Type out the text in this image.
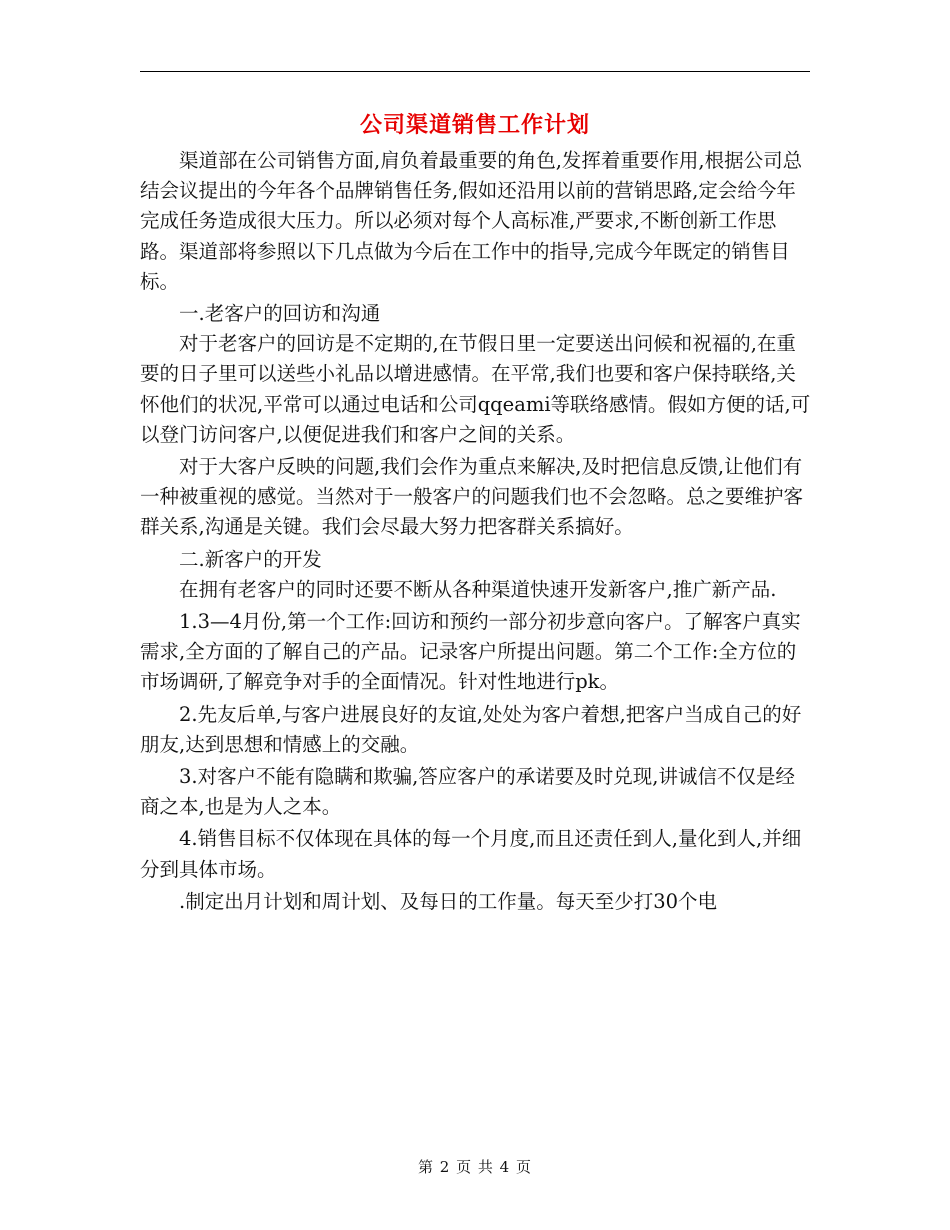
公司渠道销售工作计划

渠道部在公司销售方面,肩负着最重要的角色,发挥着重要作用,根据公司总结会议提出的今年各个品牌销售任务,假如还沿用以前的营销思路,定会给今年完成任务造成很大压力。所以必须对每个人高标准,严要求,不断创新工作思路。渠道部将参照以下几点做为今后在工作中的指导,完成今年既定的销售目标。

一.老客户的回访和沟通

对于老客户的回访是不定期的,在节假日里一定要送出问候和祝福的,在重要的日子里可以送些小礼品以增进感情。在平常,我们也要和客户保持联络,关怀他们的状况,平常可以通过电话和公司qqeami等联络感情。假如方便的话,可以登门访问客户,以便促进我们和客户之间的关系。

对于大客户反映的问题,我们会作为重点来解决,及时把信息反馈,让他们有一种被重视的感觉。当然对于一般客户的问题我们也不会忽略。总之要维护客群关系,沟通是关键。我们会尽最大努力把客群关系搞好。

二.新客户的开发

在拥有老客户的同时还要不断从各种渠道快速开发新客户,推广新产品.

1.3—4月份,第一个工作:回访和预约一部分初步意向客户。了解客户真实需求,全方面的了解自己的产品。记录客户所提出问题。第二个工作:全方位的市场调研,了解竞争对手的全面情况。针对性地进行pk。

2.先友后单,与客户进展良好的友谊,处处为客户着想,把客户当成自己的好朋友,达到思想和情感上的交融。

3.对客户不能有隐瞒和欺骗,答应客户的承诺要及时兑现,讲诚信不仅是经商之本,也是为人之本。

4.销售目标不仅体现在具体的每一个月度,而且还责任到人,量化到人,并细分到具体市场。

.制定出月计划和周计划、及每日的工作量。每天至少打30个电

第 2 页 共 4 页
